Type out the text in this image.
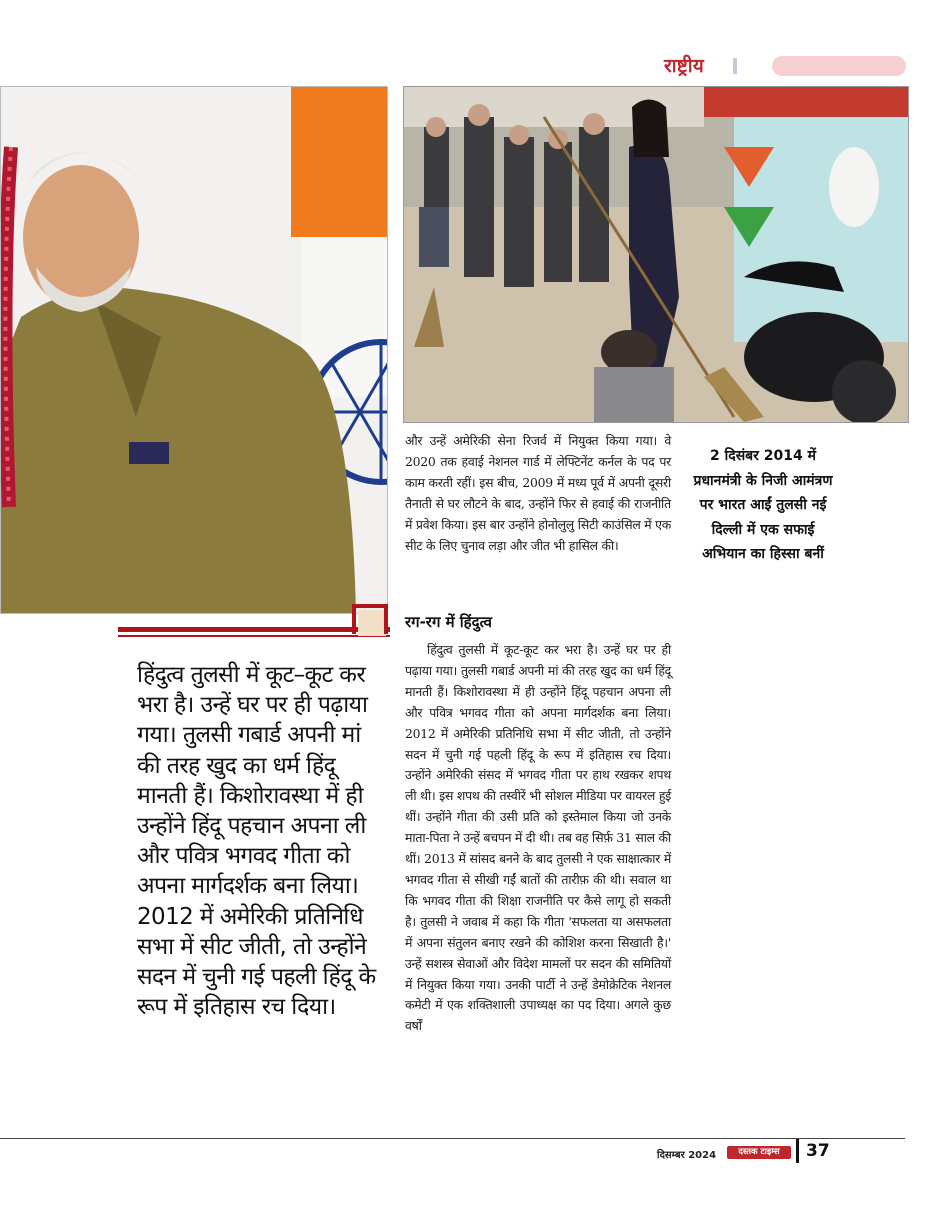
राष्ट्रीय
हिंदुत्व तुलसी में कूट–कूट कर भरा है। उन्हें घर पर ही पढ़ाया गया। तुलसी गबार्ड अपनी मां की तरह खुद का धर्म हिंदू मानती हैं। किशोरावस्था में ही उन्होंने हिंदू पहचान अपना ली और पवित्र भगवद गीता को अपना मार्गदर्शक बना लिया। 2012 में अमेरिकी प्रतिनिधि सभा में सीट जीती, तो उन्होंने सदन में चुनी गई पहली हिंदू के रूप में इतिहास रच दिया।
और उन्हें अमेरिकी सेना रिजर्व में नियुक्त किया गया। वे 2020 तक हवाई नेशनल गार्ड में लेफ्टिनेंट कर्नल के पद पर काम करती रहीं। इस बीच, 2009 में मध्य पूर्व में अपनी दूसरी तैनाती से घर लौटने के बाद, उन्होंने फिर से हवाई की राजनीति में प्रवेश किया। इस बार उन्होंने होनोलुलु सिटी काउंसिल में एक सीट के लिए चुनाव लड़ा और जीत भी हासिल की।
रग-रग में हिंदुत्व
हिंदुत्व तुलसी में कूट-कूट कर भरा है। उन्हें घर पर ही पढ़ाया गया। तुलसी गबार्ड अपनी मां की तरह खुद का धर्म हिंदू मानती हैं। किशोरावस्था में ही उन्होंने हिंदू पहचान अपना ली और पवित्र भगवद गीता को अपना मार्गदर्शक बना लिया। 2012 में अमेरिकी प्रतिनिधि सभा में सीट जीती, तो उन्होंने सदन में चुनी गई पहली हिंदू के रूप में इतिहास रच दिया। उन्होंने अमेरिकी संसद में भगवद गीता पर हाथ रखकर शपथ ली थी। इस शपथ की तस्वीरें भी सोशल मीडिया पर वायरल हुई थीं। उन्होंने गीता की उसी प्रति को इस्तेमाल किया जो उनके माता-पिता ने उन्हें बचपन में दी थी। तब वह सिर्फ़ 31 साल की थीं। 2013 में सांसद बनने के बाद तुलसी ने एक साक्षात्कार में भगवद गीता से सीखी गईं बातों की तारीफ़ की थी। सवाल था कि भगवद गीता की शिक्षा राजनीति पर कैसे लागू हो सकती है। तुलसी ने जवाब में कहा कि गीता 'सफलता या असफलता में अपना संतुलन बनाए रखने की कोशिश करना सिखाती है।' उन्हें सशस्त्र सेवाओं और विदेश मामलों पर सदन की समितियों में नियुक्त किया गया। उनकी पार्टी ने उन्हें डेमोक्रेटिक नेशनल कमेटी में एक शक्तिशाली उपाध्यक्ष का पद दिया। अगले कुछ वर्षों
2 दिसंबर 2014 में प्रधानमंत्री के निजी आमंत्रण पर भारत आईं तुलसी नई दिल्ली में एक सफाई अभियान का हिस्सा बनीं
दिसम्बर 2024	दस्तक टाइम्स	37
